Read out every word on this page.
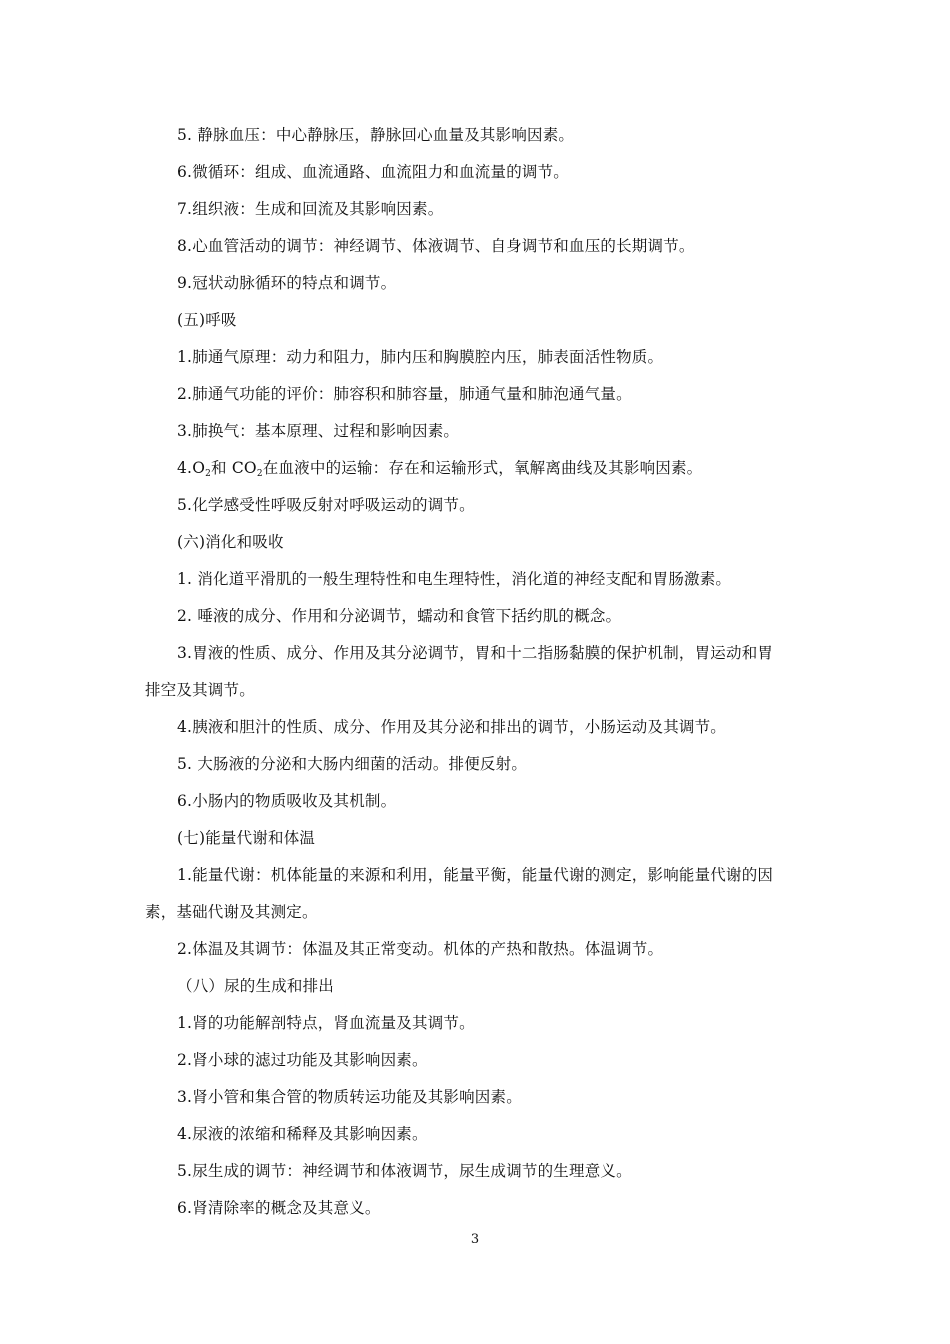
5. 静脉血压：中心静脉压，静脉回心血量及其影响因素。
6.微循环：组成、血流通路、血流阻力和血流量的调节。
7.组织液：生成和回流及其影响因素。
8.心血管活动的调节：神经调节、体液调节、自身调节和血压的长期调节。
9.冠状动脉循环的特点和调节。
(五)呼吸
1.肺通气原理：动力和阻力，肺内压和胸膜腔内压，肺表面活性物质。
2.肺通气功能的评价：肺容积和肺容量，肺通气量和肺泡通气量。
3.肺换气：基本原理、过程和影响因素。
$4.O_2$和 $CO_2$在血液中的运输：存在和运输形式，氧解离曲线及其影响因素。
5.化学感受性呼吸反射对呼吸运动的调节。
(六)消化和吸收
1. 消化道平滑肌的一般生理特性和电生理特性，消化道的神经支配和胃肠激素。
2. 唾液的成分、作用和分泌调节，蠕动和食管下括约肌的概念。
3.胃液的性质、成分、作用及其分泌调节，胃和十二指肠黏膜的保护机制，胃运动和胃
排空及其调节。
4.胰液和胆汁的性质、成分、作用及其分泌和排出的调节，小肠运动及其调节。
5. 大肠液的分泌和大肠内细菌的活动。排便反射。
6.小肠内的物质吸收及其机制。
(七)能量代谢和体温
1.能量代谢：机体能量的来源和利用，能量平衡，能量代谢的测定，影响能量代谢的因
素，基础代谢及其测定。
2.体温及其调节：体温及其正常变动。机体的产热和散热。体温调节。
（八）尿的生成和排出
1.肾的功能解剖特点，肾血流量及其调节。
2.肾小球的滤过功能及其影响因素。
3.肾小管和集合管的物质转运功能及其影响因素。
4.尿液的浓缩和稀释及其影响因素。
5.尿生成的调节：神经调节和体液调节，尿生成调节的生理意义。
6.肾清除率的概念及其意义。
3
